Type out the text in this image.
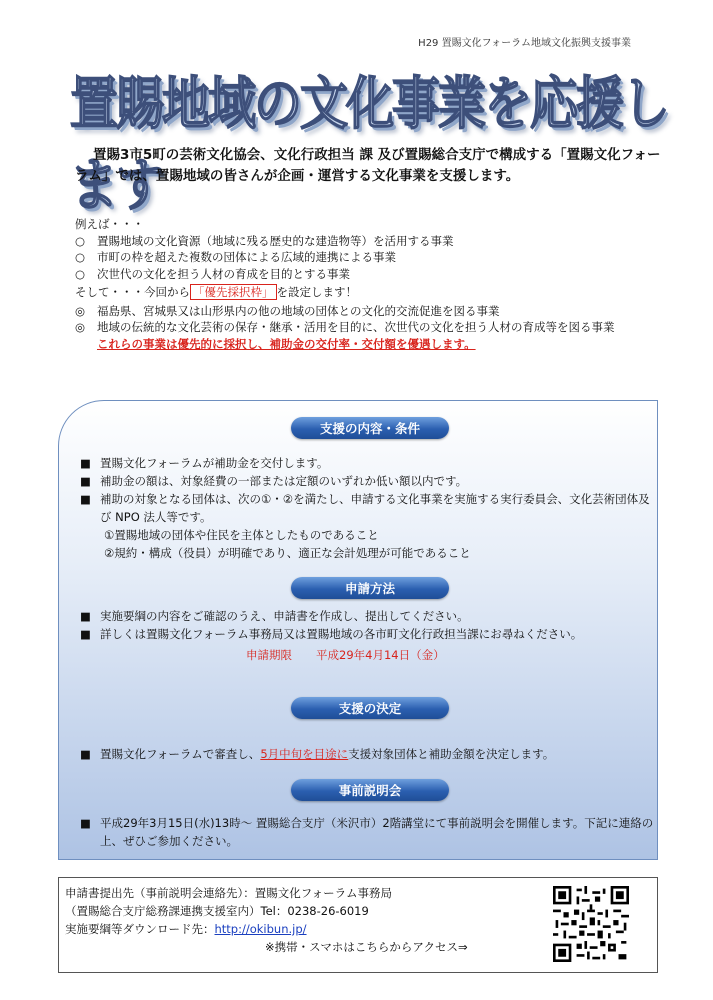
H29 置賜文化フォーラム地域文化振興支援事業
置賜地域の文化事業を応援します
置賜3市5町の芸術文化協会、文化行政担当 課 及び置賜総合支庁で構成する「置賜文化フォーラム」では、置賜地域の皆さんが企画・運営する文化事業を支援します。
例えば・・・
○	置賜地域の文化資源（地域に残る歴史的な建造物等）を活用する事業
○	市町の枠を超えた複数の団体による広域的連携による事業
○	次世代の文化を担う人材の育成を目的とする事業
そして・・・今回から 「優先採択枠」 を設定します！
◎	福島県、宮城県又は山形県内の他の地域の団体との文化的交流促進を図る事業
◎	地域の伝統的な文化芸術の保存・継承・活用を目的に、次世代の文化を担う人材の育成等を図る事業
これらの事業は優先的に採択し、補助金の交付率・交付額を優遇します。
支援の内容・条件
申請方法
支援の決定
事前説明会
■ 置賜文化フォーラムが補助金を交付します。
■ 補助金の額は、対象経費の一部または定額のいずれか低い額以内です。
■ 補助の対象となる団体は、次の①・②を満たし、申請する文化事業を実施する実行委員会、文化芸術団体及び NPO 法人等です。
①置賜地域の団体や住民を主体としたものであること
②規約・構成（役員）が明確であり、適正な会計処理が可能であること
■ 実施要綱の内容をご確認のうえ、申請書を作成し、提出してください。
■ 詳しくは置賜文化フォーラム事務局又は置賜地域の各市町文化行政担当課にお尋ねください。
申請期限 平成29年4月14日（金）
■ 置賜文化フォーラムで審査し、5月中旬を目途に支援対象団体と補助金額を決定します。
■ 平成29年3月15日(水)13時～ 置賜総合支庁（米沢市）2階講堂にて事前説明会を開催します。下記に連絡の上、ぜひご参加ください。
申請書提出先（事前説明会連絡先）：置賜文化フォーラム事務局
（置賜総合支庁総務課連携支援室内）Tel：0238-26-6019
実施要綱等ダウンロード先：http://okibun.jp/
※携帯・スマホはこちらからアクセス⇒
